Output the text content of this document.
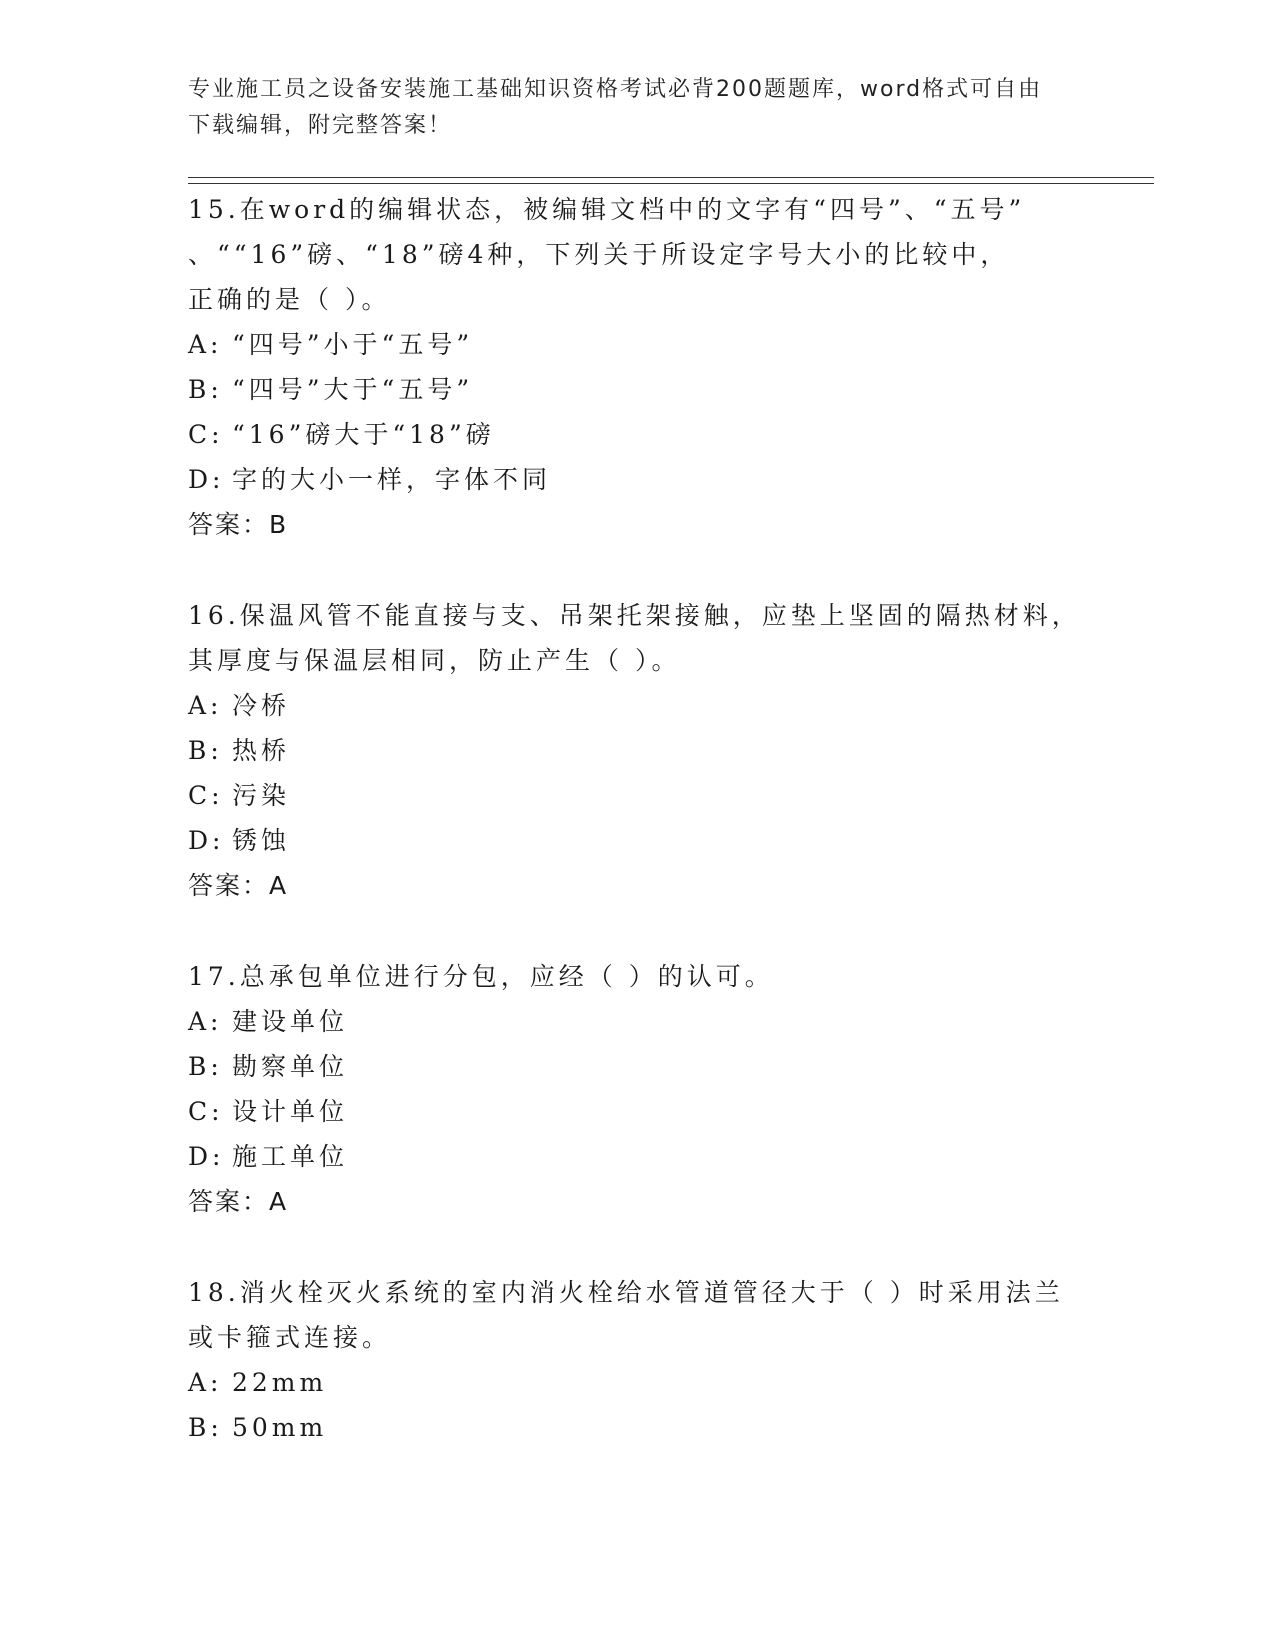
专业施工员之设备安装施工基础知识资格考试必背200题题库，word格式可自由
下载编辑，附完整答案！

15.在word的编辑状态，被编辑文档中的文字有“四号”、“五号”

、““16”磅、“18”磅4种，下列关于所设定字号大小的比较中，

正确的是（ ）。

A: “四号”小于“五号”
B: “四号”大于“五号”
C: “16”磅大于“18”磅
D: 字的大小一样，字体不同

答案：B

16.保温风管不能直接与支、吊架托架接触，应垫上坚固的隔热材料，

其厚度与保温层相同，防止产生（ ）。

A: 冷桥
B: 热桥
C: 污染
D: 锈蚀

答案：A

17.总承包单位进行分包，应经（ ）的认可。

A: 建设单位
B: 勘察单位
C: 设计单位
D: 施工单位

答案：A

18.消火栓灭火系统的室内消火栓给水管道管径大于（ ）时采用法兰

或卡箍式连接。

A: 22mm
B: 50mm
